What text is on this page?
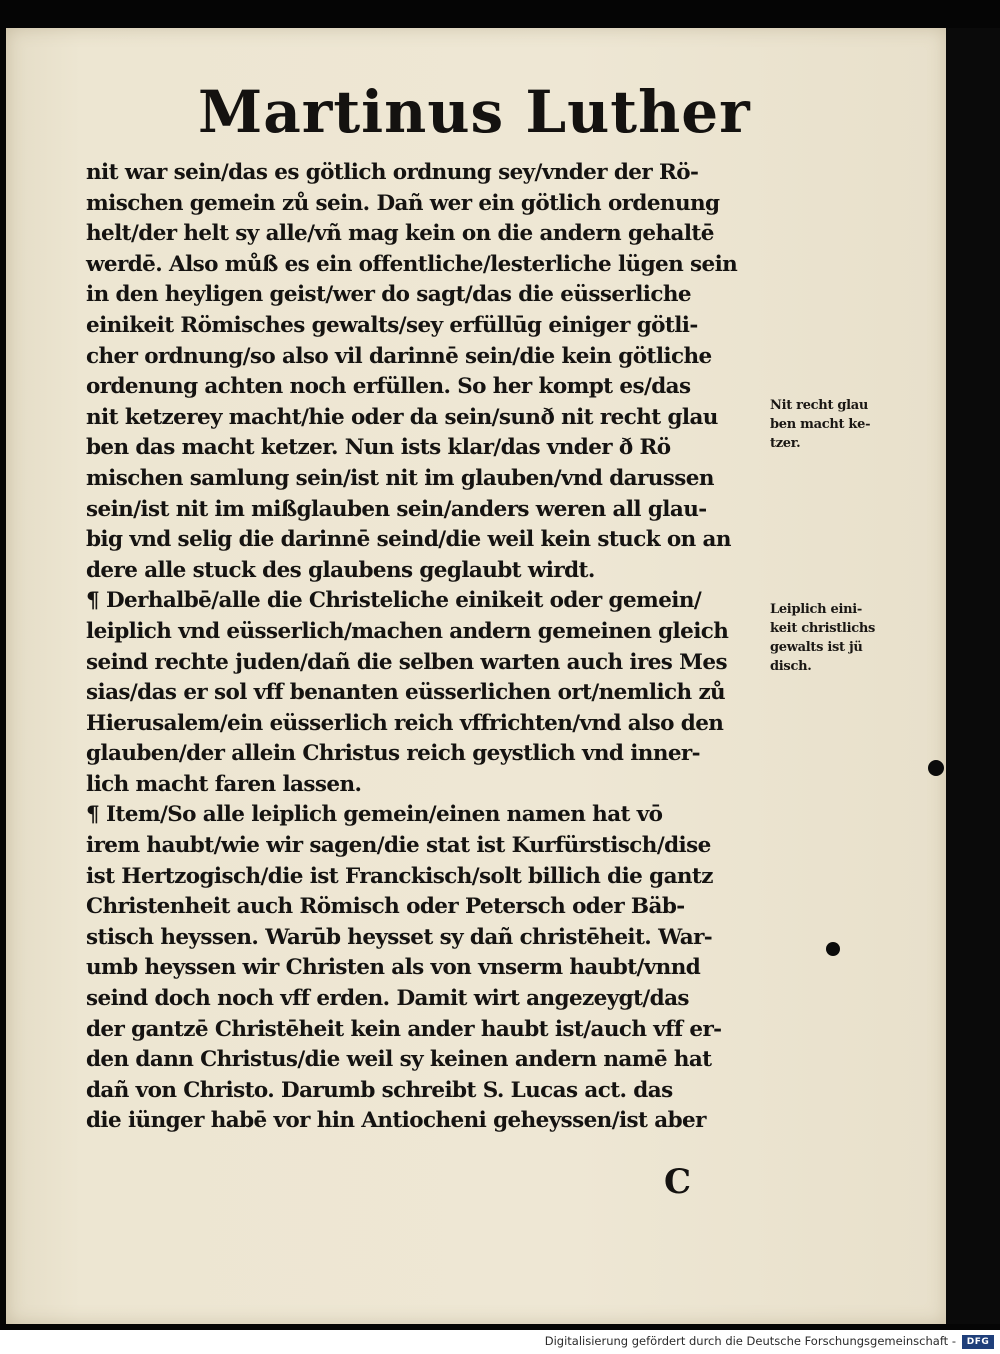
Martinus Luther
nit war sein/das es götlich ordnung sey/vnder der Rö-
mischen gemein zů sein. Dañ wer ein götlich ordenung
helt/der helt sy alle/vñ mag kein on die andern gehaltē
werdē. Also můß es ein offentliche/lesterliche lügen sein
in den heyligen geist/wer do sagt/das die eüsserliche
einikeit Römisches gewalts/sey erfüllūg einiger götli-
cher ordnung/so also vil darinnē sein/die kein götliche
ordenung achten noch erfüllen. So her kompt es/das
nit ketzerey macht/hie oder da sein/sunð nit recht glau
ben das macht ketzer. Nun ists klar/das vnder ð Rö
mischen samlung sein/ist nit im glauben/vnd darussen
sein/ist nit im mißglauben sein/anders weren all glau-
big vnd selig die darinnē seind/die weil kein stuck on an
dere alle stuck des glaubens geglaubt wirdt.
¶ Derhalbē/alle die Christeliche einikeit oder gemein/
leiplich vnd eüsserlich/machen andern gemeinen gleich
seind rechte juden/dañ die selben warten auch ires Mes
sias/das er sol vff benanten eüsserlichen ort/nemlich zů
Hierusalem/ein eüsserlich reich vffrichten/vnd also den
glauben/der allein Christus reich geystlich vnd inner-
lich macht faren lassen.
¶ Item/So alle leiplich gemein/einen namen hat vō
irem haubt/wie wir sagen/die stat ist Kurfürstisch/dise
ist Hertzogisch/die ist Franckisch/solt billich die gantz
Christenheit auch Römisch oder Petersch oder Bäb-
stisch heyssen. Warūb heysset sy dañ christēheit. War-
umb heyssen wir Christen als von vnserm haubt/vnnd
seind doch noch vff erden. Damit wirt angezeygt/das
der gantzē Christēheit kein ander haubt ist/auch vff er-
den dann Christus/die weil sy keinen andern namē hat
dañ von Christo. Darumb schreibt S. Lucas act. das
die iünger habē vor hin Antiocheni geheyssen/ist aber
Nit recht glau
ben macht ke-
tzer.
Leiplich eini-
keit christlichs
gewalts ist jü
disch.

C

Digitalisierung gefördert durch die Deutsche Forschungsgemeinschaft -	DFG
